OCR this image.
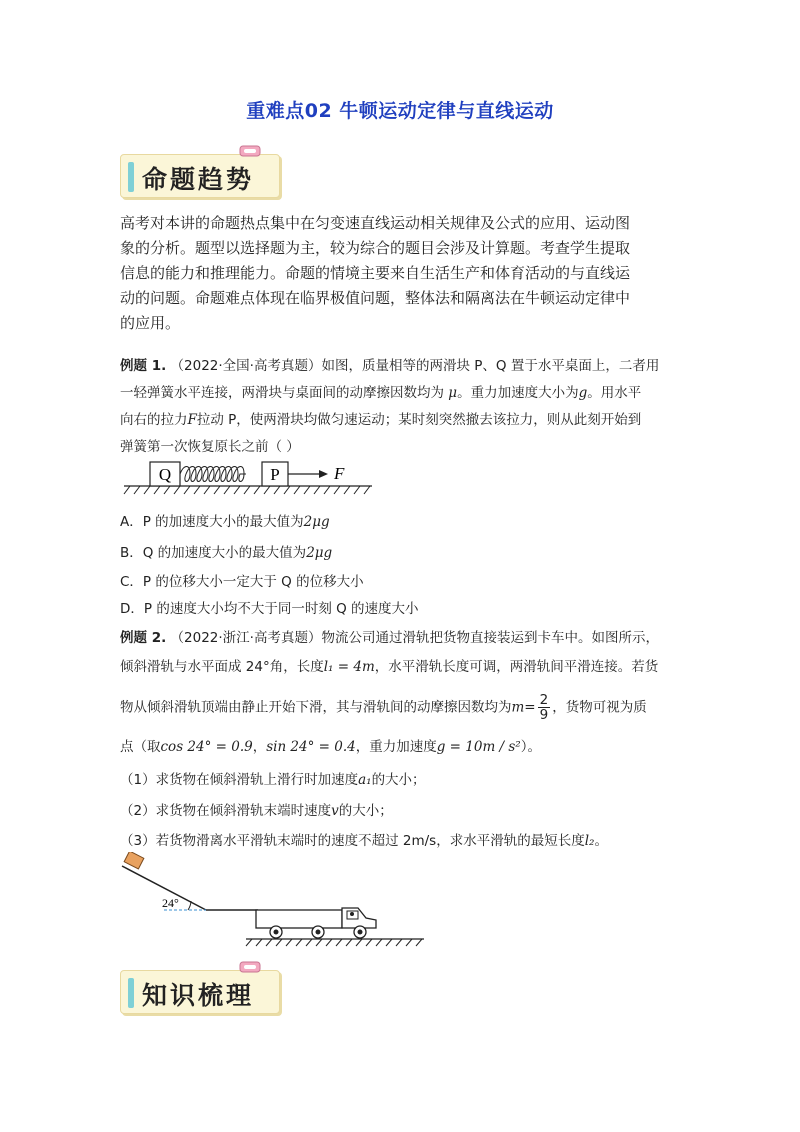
重难点02 牛顿运动定律与直线运动
命题趋势
高考对本讲的命题热点集中在匀变速直线运动相关规律及公式的应用、运动图
象的分析。题型以选择题为主，较为综合的题目会涉及计算题。考查学生提取
信息的能力和推理能力。命题的情境主要来自生活生产和体育活动的与直线运
动的问题。命题难点体现在临界极值问题，整体法和隔离法在牛顿运动定律中
的应用。
例题 1. （2022·全国·高考真题）如图，质量相等的两滑块 P、Q 置于水平桌面上，二者用
一轻弹簧水平连接，两滑块与桌面间的动摩擦因数均为 μ。重力加速度大小为g。用水平
向右的拉力F拉动 P，使两滑块均做匀速运动；某时刻突然撤去该拉力，则从此刻开始到
弹簧第一次恢复原长之前（ ）
Q	P	F
A．P 的加速度大小的最大值为2μg
B．Q 的加速度大小的最大值为2μg
C．P 的位移大小一定大于 Q 的位移大小
D．P 的速度大小均不大于同一时刻 Q 的速度大小
例题 2. （2022·浙江·高考真题）物流公司通过滑轨把货物直接装运到卡车中。如图所示，
倾斜滑轨与水平面成 24°角，长度l₁ = 4m，水平滑轨长度可调，两滑轨间平滑连接。若货
物从倾斜滑轨顶端由静止开始下滑，其与滑轨间的动摩擦因数均为$m= \frac{2}{9}$ ，货物可视为质
点（取cos 24° = 0.9，sin 24° = 0.4，重力加速度g = 10m / s²）。
（1）求货物在倾斜滑轨上滑行时加速度a₁的大小；
（2）求货物在倾斜滑轨末端时速度v的大小；
（3）若货物滑离水平滑轨末端时的速度不超过 2m/s，求水平滑轨的最短长度l₂。
24°
知识梳理
